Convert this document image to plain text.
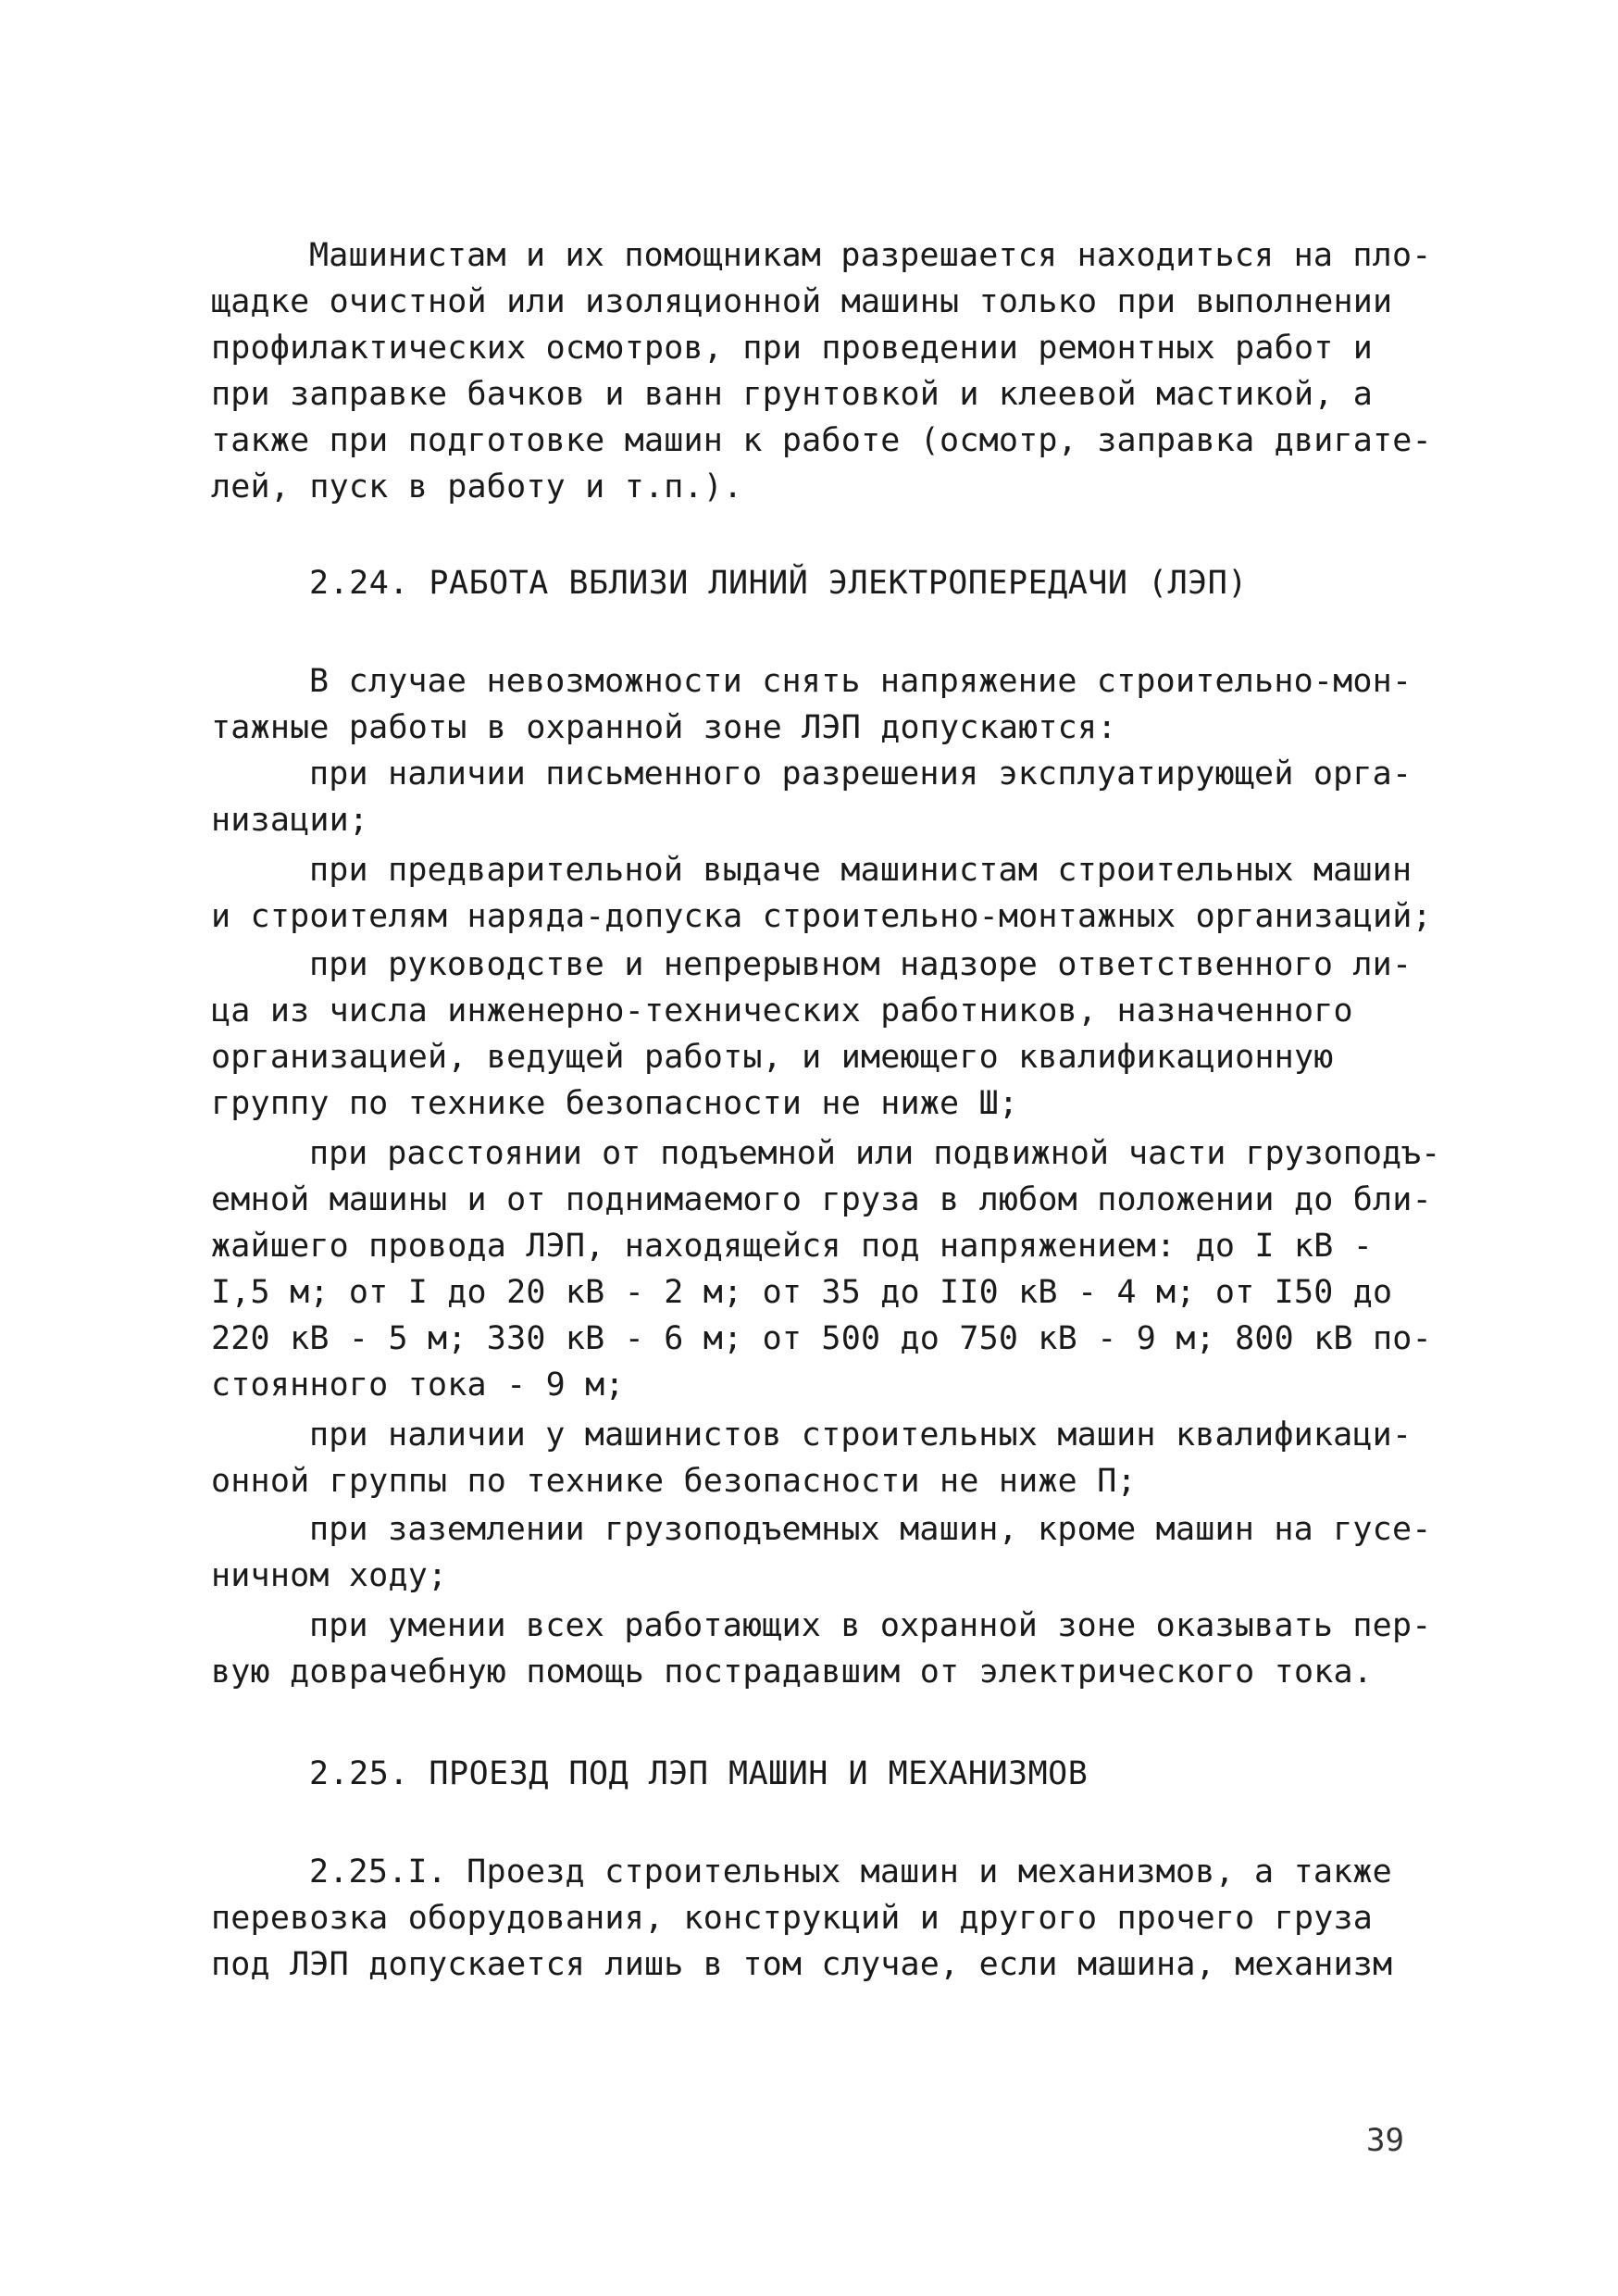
Машинистам и их помощникам разрешается находиться на пло-
щадке очистной или изоляционной машины только при выполнении
профилактических осмотров, при проведении ремонтных работ и
при заправке бачков и ванн грунтовкой и клеевой мастикой, а
также при подготовке машин к работе (осмотр, заправка двигате-
лей, пуск в работу и т.п.).
2.24. РАБОТА ВБЛИЗИ ЛИНИЙ ЭЛЕКТРОПЕРЕДАЧИ (ЛЭП)
В случае невозможности снять напряжение строительно-мон-
тажные работы в охранной зоне ЛЭП допускаются:
при наличии письменного разрешения эксплуатирующей орга-
низации;
при предварительной выдаче машинистам строительных машин
и строителям наряда-допуска строительно-монтажных организаций;
при руководстве и непрерывном надзоре ответственного ли-
ца из числа инженерно-технических работников, назначенного
организацией, ведущей работы, и имеющего квалификационную
группу по технике безопасности не ниже Ш;
при расстоянии от подъемной или подвижной части грузоподъ-
емной машины и от поднимаемого груза в любом положении до бли-
жайшего провода ЛЭП, находящейся под напряжением: до I кВ -
I,5 м; от I до 20 кВ - 2 м; от 35 до II0 кВ - 4 м; от I50 до
220 кВ - 5 м; 330 кВ - 6 м; от 500 до 750 кВ - 9 м; 800 кВ по-
стоянного тока - 9 м;
при наличии у машинистов строительных машин квалификаци-
онной группы по технике безопасности не ниже П;
при заземлении грузоподъемных машин, кроме машин на гусе-
ничном ходу;
при умении всех работающих в охранной зоне оказывать пер-
вую доврачебную помощь пострадавшим от электрического тока.
2.25. ПРОЕЗД ПОД ЛЭП МАШИН И МЕХАНИЗМОВ
2.25.I. Проезд строительных машин и механизмов, а также
перевозка оборудования, конструкций и другого прочего груза
под ЛЭП допускается лишь в том случае, если машина, механизм
39
